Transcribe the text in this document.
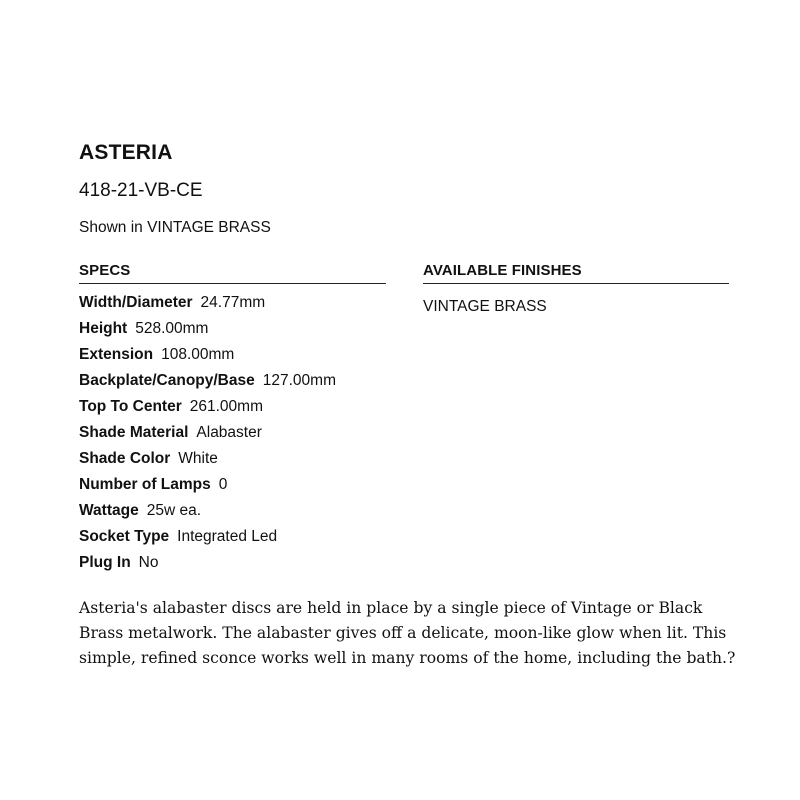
ASTERIA
418-21-VB-CE
Shown in VINTAGE BRASS
SPECS
Width/Diameter 24.77mm
Height 528.00mm
Extension 108.00mm
Backplate/Canopy/Base 127.00mm
Top To Center 261.00mm
Shade Material Alabaster
Shade Color White
Number of Lamps 0
Wattage 25w ea.
Socket Type Integrated Led
Plug In No
AVAILABLE FINISHES
VINTAGE BRASS

Asteria's alabaster discs are held in place by a single piece of Vintage or Black Brass metalwork. The alabaster gives off a delicate, moon-like glow when lit. This simple, refined sconce works well in many rooms of the home, including the bath.?
